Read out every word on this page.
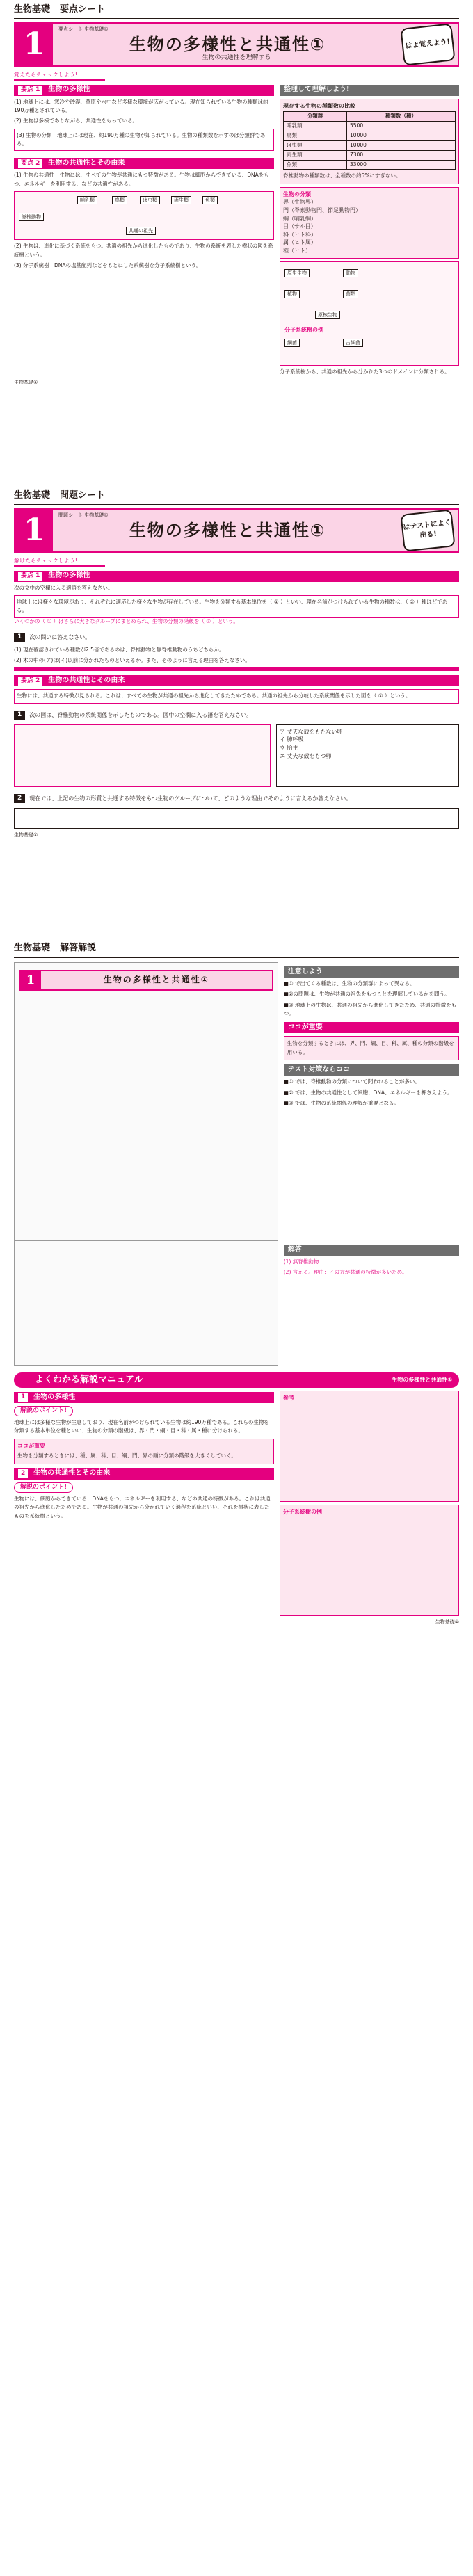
生物基礎 要点シート
1	要点シート 生物基礎①
生物の多様性と共通性①
生物の共通性を理解する
はよ覚えよう!
覚えたらチェックしよう!
要点 1	生物の多様性
(1) 地球上には、寒冷や砂漠、草原や水中など多様な環境が広がっている。現在知られている生物の種類は約190万種とされている。
(2) 生物は多様でありながら、共通性をもっている。
(3) 生物の分類　地球上には現在、約190万種の生物が知られている。生物の種類数を示すのは分類群である。
要点 2	生物の共通性とその由来
(1) 生物の共通性　生物には、すべての生物が共通にもつ特徴がある。生物は細胞からできている、DNAをもつ、エネルギーを利用する、などの共通性がある。
脊椎動物
哺乳類	鳥類	は虫類	両生類	魚類
共通の祖先
(2) 生物は、進化に基づく系統をもつ。共通の祖先から進化したものであり、生物の系統を表した樹状の図を系統樹という。
(3) 分子系統樹　DNAの塩基配列などをもとにした系統樹を分子系統樹という。
整理して理解しよう!
現存する生物の種類数の比較
分類群	種類数（種）
哺乳類	5500
鳥類	10000
は虫類	10000
両生類	7300
魚類	33000
脊椎動物の種類数は、全種数の約5%にすぎない。
生物の分類
界（生物界）
門（脊索動物門、節足動物門）
綱（哺乳綱）
目（サル目）
科（ヒト科）
属（ヒト属）
種（ヒト）
原生生物	動物
植物	菌類
原核生物
分子系統樹の例
細菌	古細菌
分子系統樹から、共通の祖先から分かれた3つのドメインに分類される。
生物基礎①
生物基礎 問題シート
1	問題シート 生物基礎①
生物の多様性と共通性①	はテストによく出る!
解けたらチェックしよう!
要点 1	生物の多様性
次の文中の空欄に入る適語を答えなさい。
地球上には様々な環境があり、それぞれに適応した様々な生物が存在している。生物を分類する基本単位を（ ① ）といい、現在名前がつけられている生物の種数は、（ ② ）種ほどである。
いくつかの（ ① ）はさらに大きなグループにまとめられ、生物の分類の階級を（ ③ ）という。
1	次の問いに答えなさい。
(1) 現在確認されている種数が2.5倍であるのは、脊椎動物と無脊椎動物のうちどちらか。
(2) 木の中の(ア)は(イ)以前に分かれたものといえるか。また、そのように言える理由を答えなさい。
要点 2	生物の共通性とその由来
生物には、共通する特徴が見られる。これは、すべての生物が共通の祖先から進化してきたためである。共通の祖先から分岐した系統関係を示した図を（ ① ）という。
1	次の図は、脊椎動物の系統関係を示したものである。図中の空欄に入る語を答えなさい。
ア 丈夫な殻をもたない卵
イ 肺呼吸
ウ 胎生
エ 丈夫な殻をもつ卵
2	現在では、上記の生物の形質と共通する特徴をもつ生物のグループについて、どのような理由でそのように言えるか答えなさい。
生物基礎①
生物基礎 解答解説
1	生物の多様性と共通性①
注意しよう
■① で出てくる種数は、生物の分類群によって異なる。
■②の問題は、生物が共通の祖先をもつことを理解しているかを問う。
■③ 地球上の生物は、共通の祖先から進化してきたため、共通の特徴をもつ。
ココが重要
生物を分類するときには、界、門、綱、目、科、属、種の分類の階級を用いる。
テスト対策ならココ
■① では、脊椎動物の分類について問われることが多い。
■② では、生物の共通性として細胞、DNA、エネルギーを押さえよう。
■③ では、生物の系統関係の理解が重要となる。
解答
(1) 無脊椎動物
(2) 言える。理由：イの方が共通の特徴が多いため。
よくわかる解説マニュアル	生物の多様性と共通性①
1	生物の多様性
解説のポイント!
地球上には多様な生物が生息しており、現在名前がつけられている生物は約190万種である。これらの生物を分類する基本単位を種といい、生物の分類の階級は、界・門・綱・目・科・属・種に分けられる。
ココが重要
生物を分類するときには、種、属、科、目、綱、門、界の順に分類の階級を大きくしていく。
2	生物の共通性とその由来
解説のポイント!
生物には、細胞からできている、DNAをもつ、エネルギーを利用する、などの共通の特徴がある。これは共通の祖先から進化したためである。生物が共通の祖先から分かれていく過程を系統といい、それを樹状に表したものを系統樹という。
参考
分子系統樹の例
生物基礎①
